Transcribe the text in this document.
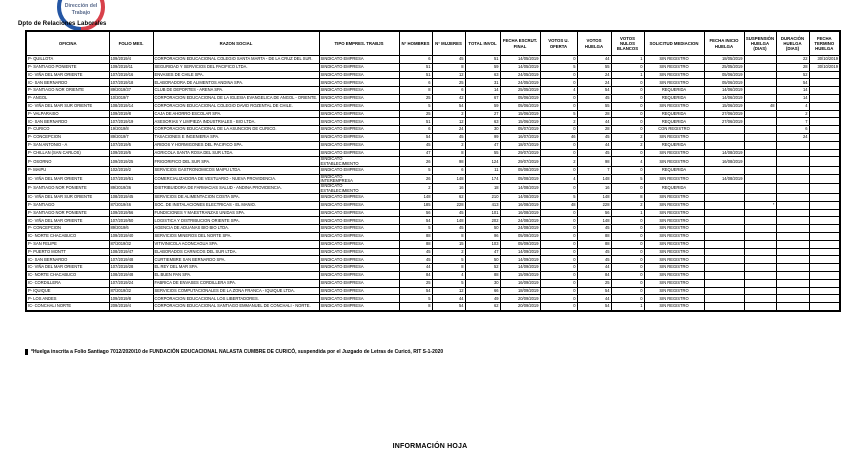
Dirección del
Trabajo
Dpto de Relaciones Laborales
OFICINA	FOLIO MES.	RAZON SOCIAL	TIPO EMPRES. TRABJS	N° HOMBRES	N° MUJERES	TOTAL INVOL	FECHA ESCRUT. FINAL	VOTOS U. OFERTA	VOTOS HUELGA	VOTOS NULOS BLANCOS	SOLICITUD MEDIACION	FECHA INICIO HUELGA	SUSPENSIÓN HUELGA (DIAS)	DURACIÓN HUELGA (DIAS)	FECHA TERMINO HUELGA
P- QUILLOTA	109/2019/4	CORPORACION EDUCACIONAL COLEGIO SANTA MARTA - DE LA CRUZ DEL SUR.	SINDICATO EMPRESA	6	45	51	14/05/2019	0	44	1	SIN REGISTRO	18/05/2019		22	30/10/2019
P- SANTIAGO PONIENTE	109/2019/11	SEGURIDAD Y SERVICIOS DEL PACIFICO LTDA.	SINDICATO EMPRESA	51	8	59	14/05/2019	5	55	0	SIN REGISTRO	25/05/2019		28	30/10/2019
IC- VIÑA DEL MAR ORIENTE	107/2019/16	ENVASES DE CHILE SPA.	SINDICATO EMPRESA	51	12	63	24/05/2019	0	24	1	SIN REGISTRO	05/06/2019		52	
IC- SAN BERNARDO	107/2019/18	ELABORADORA DE ALIMENTOS ANDINA SPA.	SINDICATO EMPRESA	6	25	31	24/05/2019	0	24	0	SIN REGISTRO	05/06/2019		54	
P- SANTIAGO NOR ORIENTE	89/2019/37	CLUB DE DEPORTES - ARENA SPA.	SINDICATO EMPRESA	8	6	14	25/05/2019	4	54	0	REQUERIDA	14/06/2019		14	
P- ANGOL	10/2019/7	CORPORACION EDUCACIONAL DE LA IGLESIA EVANGELICA DE ANGOL - ORIENTE.	SINDICATO EMPRESA	25	42	67	05/06/2019	0	45	0	REQUERIDA	14/06/2019		14	
IC- VIÑA DEL MAR SUR ORIENTE	108/2019/14	CORPORACION EDUCACIONAL COLEGIO DAVID ROZENTAL DE CHILE.	SINDICATO EMPRESA	5	54	59	05/06/2019	0	55	0	SIN REGISTRO	15/06/2019	48	4	
P- VALPARAISO	109/2019/8	CAJA DE AHORRO ESCOLAR SPA.	SINDICATO EMPRESA	25	2	27	15/06/2019	5	28	0	REQUERIDA	27/06/2019		2	
IC- SAN BERNARDO	107/2019/19	ASESORIAS Y LIMPIEZA INDUSTRIALES - BIO LTDA.	SINDICATO EMPRESA	51	12	63	15/06/2019	2	44	0	REQUERIDA	27/06/2019		7	
P- CURICO	19/2019/8	CORPORACION EDUCACIONAL DE LA ASUNCION DE CURICO.	SINDICATO EMPRESA	6	24	30	05/07/2019	0	28	0	CON REGISTRO			6	
P- CONCEPCION	89/2019/7	TASACIONES E INGENIERIA SPA.	SINDICATO EMPRESA	54	45	99	16/07/2019	46	45	2	SIN REGISTRO			24	
P- SAN ANTONIO - A	107/2019/5	ARIDOS Y HORMIGONES DEL PACIFICO SPA.	SINDICATO EMPRESA	45	2	47	18/07/2019	0	44	2	REQUERIDA				
P- CHILLAN (SAN CARLOS)	109/2019/5	AGRICOLA SANTA ROSA DEL SUR LTDA.	SINDICATO EMPRESA	47	8	55	29/07/2019	0	45	0	SIN REGISTRO	14/08/2019			
P- OSORNO	109/2019/25	FRIGORIFICO DEL SUR SPA.	SINDICATO ESTABLECIMIENTO	26	98	124	29/07/2019	2	98	4	SIN REGISTRO	16/08/2019			
P- MAIPU	102/2019/2	SERVICIOS GASTRONOMICOS MAIPU LTDA.	SINDICATO EMPRESA	5	6	11	05/08/2019	0	7	0	REQUERIDA				
IC- VIÑA DEL MAR ORIENTE	107/2019/51	COMERCIALIZADORA DE VESTUARIO - NUEVA PROVIDENCIA.	SINDICATO INTEREMPRESA	26	148	174	05/08/2019	4	148	5	SIN REGISTRO	14/08/2019			
P- SANTIAGO NOR PONIENTE	89/2019/36	DISTRIBUIDORA DE FARMACIAS SALUD - ANDINA PROVIDENCIA.	SINDICATO ESTABLECIMIENTO	2	16	18	14/08/2019	0	16	0	REQUERIDA				
IC- VIÑA DEL MAR SUR ORIENTE	108/2019/45	SERVICIOS DE ALIMENTACION COSTA SPA.	SINDICATO EMPRESA	148	62	210	14/08/2019	5	148	8	SIN REGISTRO				
P- SANTIAGO	87/2019/46	SOC. DE INSTALACIONES ELECTRICAS - EL MANIO.	SINDICATO EMPRESA	185	228	413	16/08/2019	48	228	2	SIN REGISTRO		*		
P- SANTIAGO NOR PONIENTE	109/2019/56	FUNDICIONES Y MAESTRANZAS UNIDAS SPA.	SINDICATO EMPRESA	56	45	101	16/08/2019	0	56	1	SIN REGISTRO				
IC- VIÑA DEL MAR ORIENTE	107/2019/50	LOGISTICA Y DISTRIBUCION ORIENTE SPA.	SINDICATO EMPRESA	54	148	202	24/08/2019	0	148	0	SIN REGISTRO				
P- CONCEPCION	89/2019/6	AGENCIA DE ADUANAS BIO BIO LTDA.	SINDICATO EMPRESA	5	45	50	24/08/2019	0	45	0	SIN REGISTRO				
IC- NORTE CHACABUCO	109/2019/40	SERVICIOS MINEROS DEL NORTE SPA.	SINDICATO EMPRESA	88	8	96	05/09/2019	0	88	0	SIN REGISTRO				
P- SAN FELIPE	87/2019/32	VITIVINICOLA ACONCAGUA SPA.	SINDICATO EMPRESA	88	15	103	05/09/2019	0	88	0	SIN REGISTRO				
P- PUERTO MONTT	108/2019/47	ELABORADOS CARNICOS DEL SUR LTDA.	SINDICATO EMPRESA	45	2	47	14/09/2019	0	45	0	SIN REGISTRO				
IC- SAN BERNARDO	107/2019/48	CURTIEMBRE SAN BERNARDO SPA.	SINDICATO EMPRESA	45	5	50	14/09/2019	0	45	0	SIN REGISTRO				
IC- VIÑA DEL MAR ORIENTE	107/2019/28	EL REY DEL MAR SPA.	SINDICATO EMPRESA	44	8	52	14/09/2019	0	44	0	SIN REGISTRO				
IC- NORTE CHACABUCO	108/2019/48	EL BUEN PAN SPA.	SINDICATO EMPRESA	84	4	88	15/09/2019	0	84	0	SIN REGISTRO				
IC- CORDILLERA	107/2019/24	FABRICA DE ENVASES CORDILLERA SPA.	SINDICATO EMPRESA	25	5	30	16/09/2019	0	25	0	SIN REGISTRO				
P- IQUIQUE	87/2019/32	SERVICIOS COMPUTACIONALES DE LA ZONA FRANCA - IQUIQUE LTDA.	SINDICATO EMPRESA	54	12	66	18/09/2019	0	54	0	SIN REGISTRO				
P- LOS ANDES	109/2019/8	CORPORACION EDUCACIONAL LOS LIBERTADORES.	SINDICATO EMPRESA	5	44	49	20/09/2019	0	44	0	SIN REGISTRO				
IC- CONCHALI NORTE	209/2019/4	CORPORACION EDUCACIONAL SANTIAGO EMMANUEL DE CONCHALI - NORTE.	SINDICATO EMPRESA	8	54	62	20/09/2019	0	54	1	SIN REGISTRO				
*Huelga inscrita a Folio Santiago 7012/2020/10 de FUNDACIÓN EDUCACIONAL NALASTA CUMBRE DE CURICÓ, suspendida por el Juzgado de Letras de Curicó, RIT S-1-2020
INFORMACIÓN HOJA
